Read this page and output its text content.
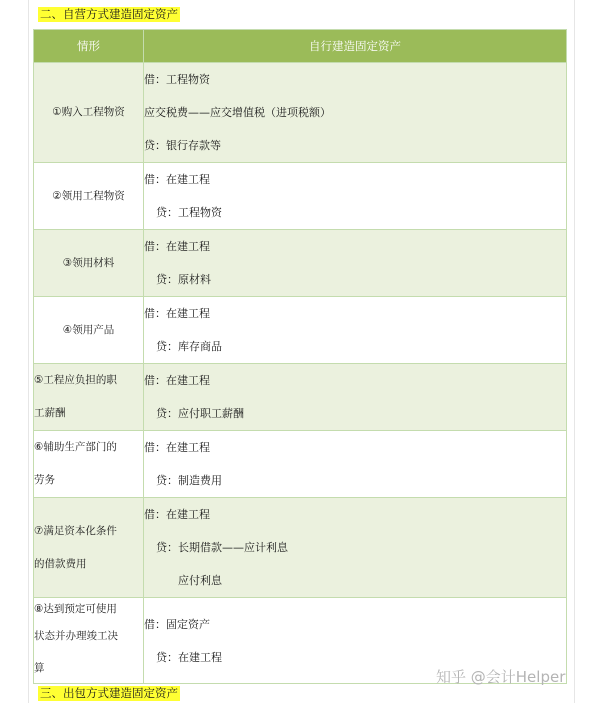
二、自营方式建造固定资产
情形	自行建造固定资产

①购入工程物资	借：工程物资
应交税费——应交增值税（进项税额）
贷：银行存款等

②领用工程物资	借：在建工程
贷：工程物资

③领用材料	借：在建工程
贷：原材料

④领用产品	借：在建工程
贷：库存商品

⑤工程应负担的职
工薪酬	借：在建工程
贷：应付职工薪酬

⑥辅助生产部门的
劳务	借：在建工程
贷：制造费用

⑦满足资本化条件
的借款费用	借：在建工程
贷：长期借款——应计利息
应付利息

⑧达到预定可使用
状态并办理竣工决
算	借：固定资产
贷：在建工程
知乎 @会计Helper
三、出包方式建造固定资产
